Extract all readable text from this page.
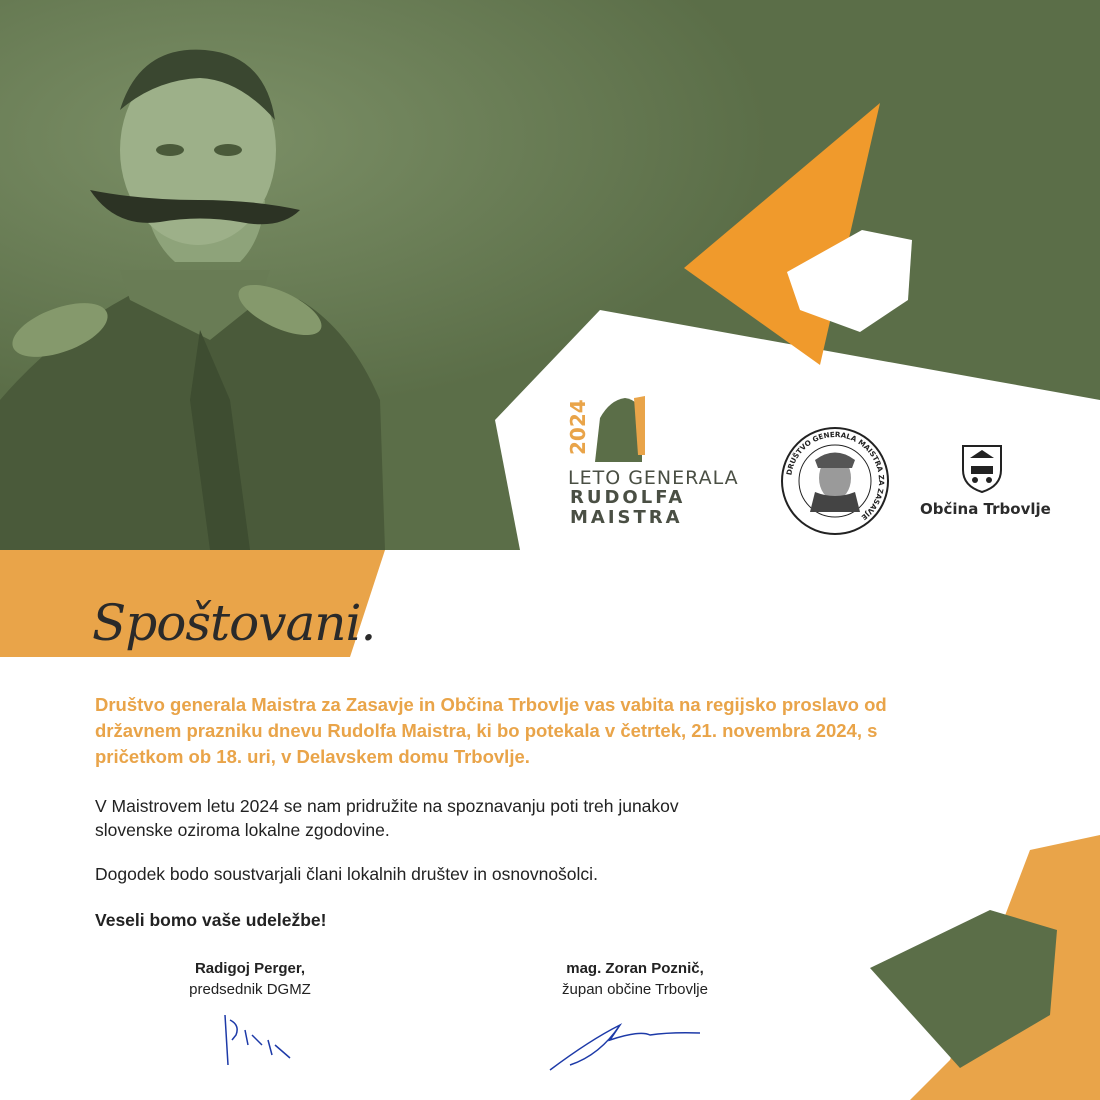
2024
LETO GENERALA
RUDOLFA
MAISTRA
DRUŠTVO GENERALA MAISTRA ZA ZASAVJE	Občina Trbovlje
Spoštovani.

Društvo generala Maistra za Zasavje in Občina Trbovlje vas vabita na regijsko proslavo od državnem prazniku dnevu Rudolfa Maistra, ki bo potekala v četrtek, 21. novembra 2024, s pričetkom ob 18. uri, v Delavskem domu Trbovlje.

V Maistrovem letu 2024 se nam pridružite na spoznavanju poti treh junakov
slovenske oziroma lokalne zgodovine.

Dogodek bodo soustvarjali člani lokalnih društev in osnovnošolci.

Veseli bomo vaše udeležbe!

Radigoj Perger,
predsednik DGMZ
mag. Zoran Poznič,
župan občine Trbovlje
